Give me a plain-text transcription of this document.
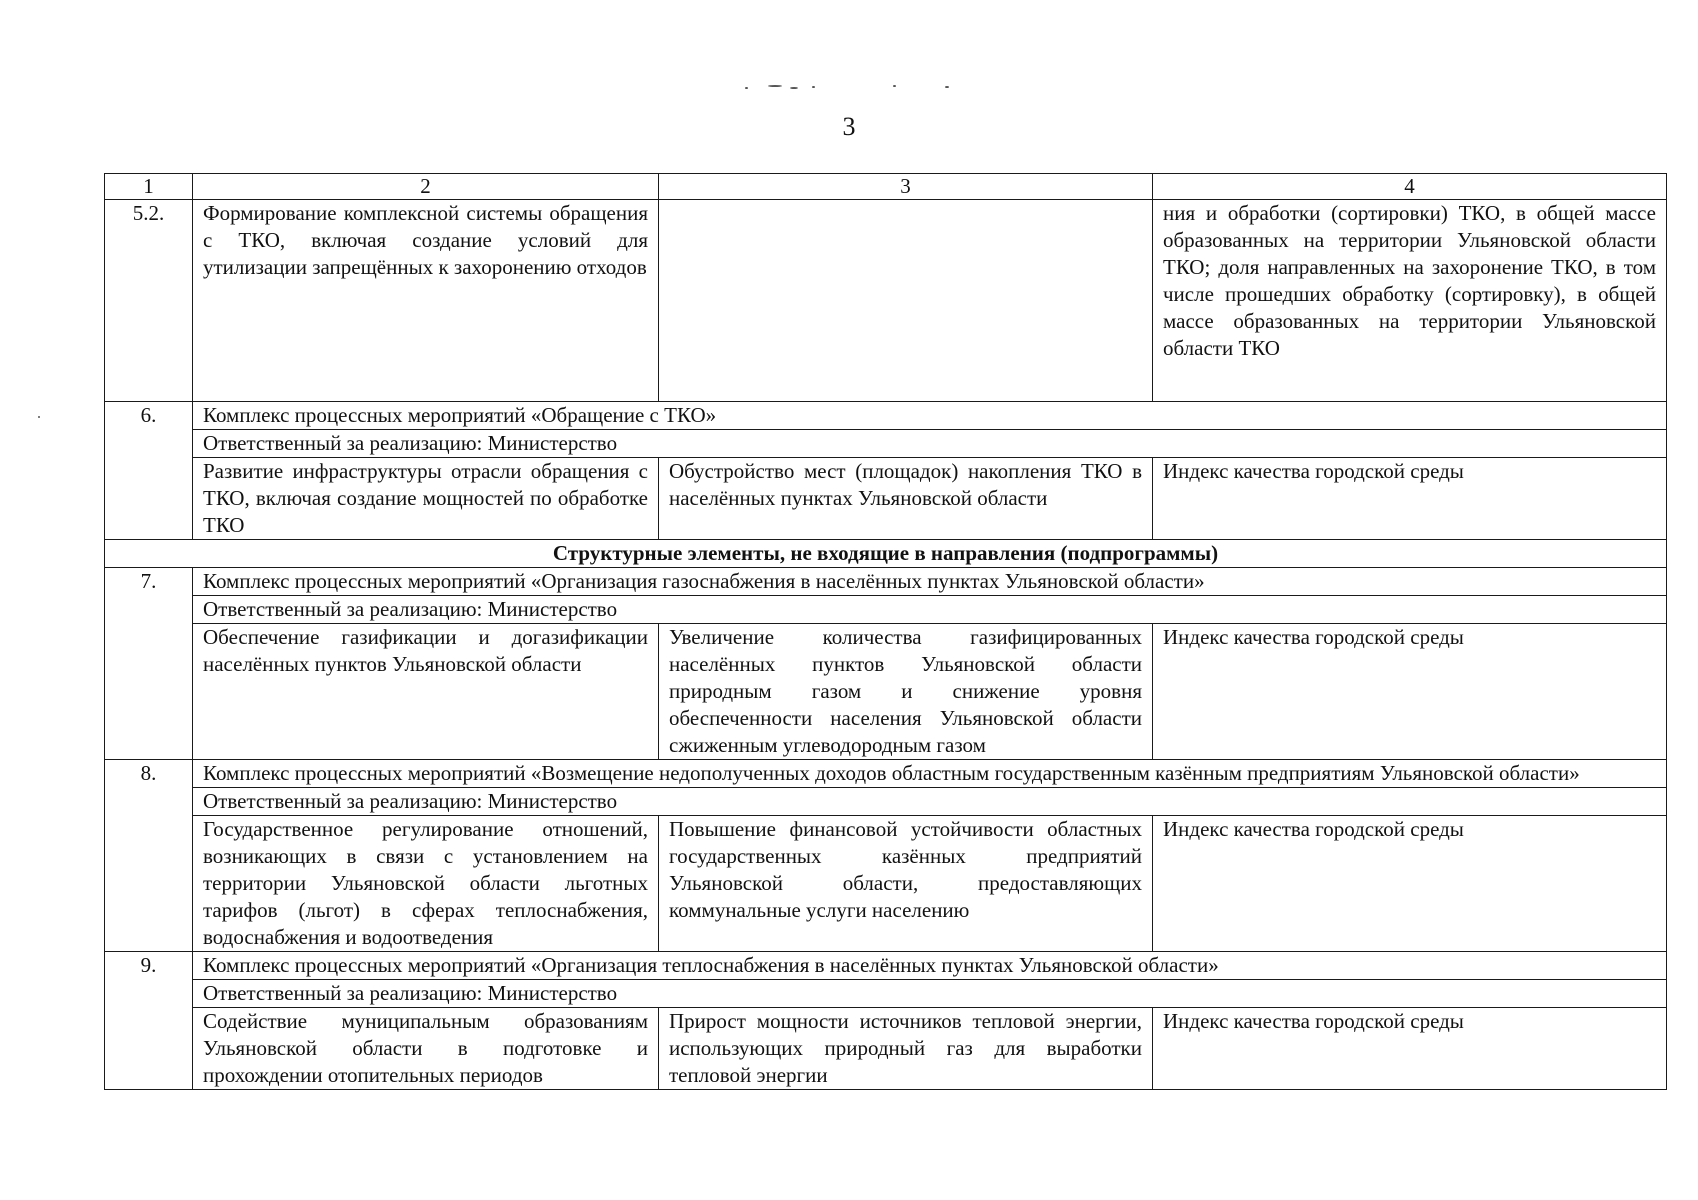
3
1	2	3	4
5.2.	Формирование комплексной системы обращения с ТКО, включая создание условий для утилизации запрещённых к захоронению отходов		ния и обработки (сортировки) ТКО, в общей массе образованных на территории Ульяновской области ТКО; доля направленных на захоронение ТКО, в том числе прошедших обработку (сортировку), в общей массе образованных на территории Ульяновской области ТКО
6.	Комплекс процессных мероприятий «Обращение с ТКО»		
	Ответственный за реализацию: Министерство		
	Развитие инфраструктуры отрасли обращения с ТКО, включая создание мощностей по обработке ТКО	Обустройство мест (площадок) накопления ТКО в населённых пунктах Ульяновской области	Индекс качества городской среды
Структурные элементы, не входящие в направления (подпрограммы)			
7.	Комплекс процессных мероприятий «Организация газоснабжения в населённых пунктах Ульяновской области»		
	Ответственный за реализацию: Министерство		
	Обеспечение газификации и догазификации населённых пунктов Ульяновской области	Увеличение количества газифицированных населённых пунктов Ульяновской области природным газом и снижение уровня обеспеченности населения Ульяновской области сжиженным углеводородным газом	Индекс качества городской среды
8.	Комплекс процессных мероприятий «Возмещение недополученных доходов областным государственным казённым предприятиям Ульяновской области»		
	Ответственный за реализацию: Министерство		
	Государственное регулирование отношений, возникающих в связи с установлением на территории Ульяновской области льготных тарифов (льгот) в сферах теплоснабжения, водоснабжения и водоотведения	Повышение финансовой устойчивости областных государственных казённых предприятий Ульяновской области, предоставляющих коммунальные услуги населению	Индекс качества городской среды
9.	Комплекс процессных мероприятий «Организация теплоснабжения в населённых пунктах Ульяновской области»		
	Ответственный за реализацию: Министерство		
	Содействие муниципальным образованиям Ульяновской области в подготовке и прохождении отопительных периодов	Прирост мощности источников тепловой энергии, использующих природный газ для выработки тепловой энергии	Индекс качества городской среды
